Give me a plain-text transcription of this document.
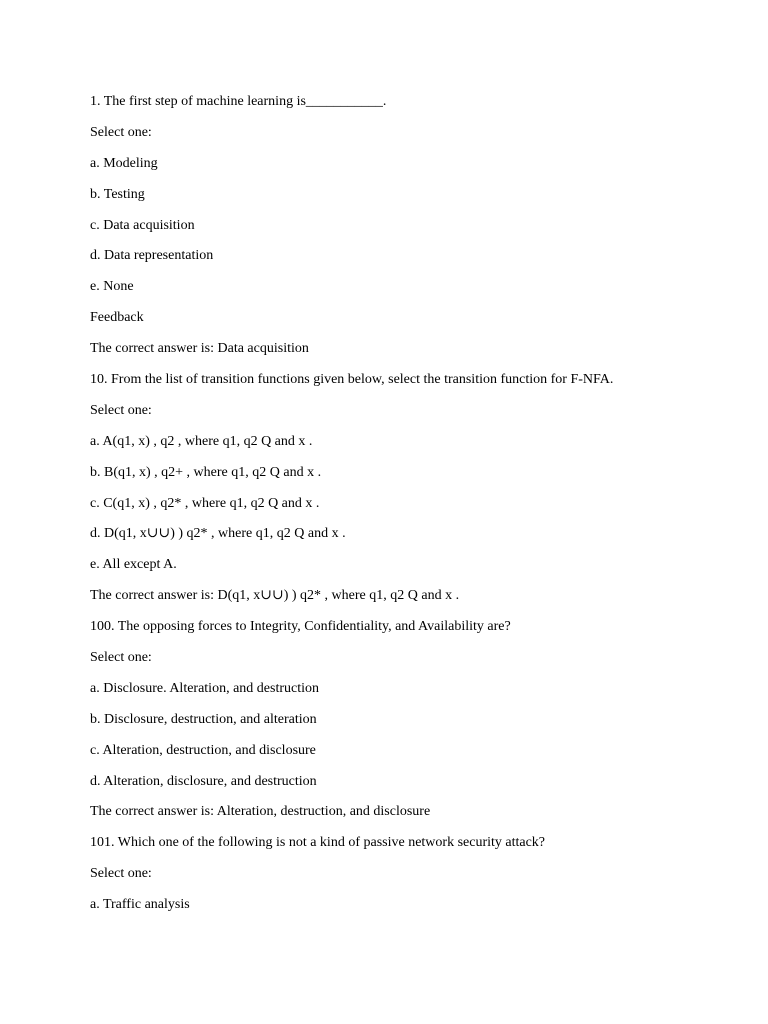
1. The first step of machine learning is___________.
Select one:
a. Modeling
b. Testing
c. Data acquisition
d. Data representation
e. None
Feedback
The correct answer is: Data acquisition
10. From the list of transition functions given below, select the transition function for F-NFA.
Select one:
a. A(q1, x) , q2 , where q1, q2 Q and x .
b. B(q1, x) , q2+ , where q1, q2 Q and x .
c. C(q1, x) , q2* , where q1, q2 Q and x .
d. D(q1, x∪∪) ) q2* , where q1, q2 Q and x .
e. All except A.
The correct answer is: D(q1, x∪∪) ) q2* , where q1, q2 Q and x .
100. The opposing forces to Integrity, Confidentiality, and Availability are?
Select one:
a. Disclosure. Alteration, and destruction
b. Disclosure, destruction, and alteration
c. Alteration, destruction, and disclosure
d. Alteration, disclosure, and destruction
The correct answer is: Alteration, destruction, and disclosure
101. Which one of the following is not a kind of passive network security attack?
Select one:
a. Traffic analysis
